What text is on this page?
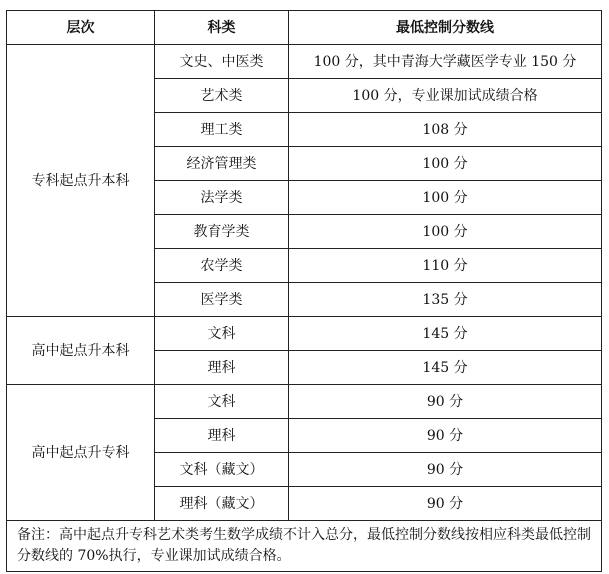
层次	科类	最低控制分数线
专科起点升本科	文史、中医类	100 分，其中青海大学藏医学专业 150 分
	艺术类	100 分，专业课加试成绩合格
	理工类	108 分
	经济管理类	100 分
	法学类	100 分
	教育学类	100 分
	农学类	110 分
	医学类	135 分
高中起点升本科	文科	145 分
	理科	145 分
高中起点升专科	文科	90 分
	理科	90 分
	文科（藏文）	90 分
	理科（藏文）	90 分
备注：高中起点升专科艺术类考生数学成绩不计入总分，最低控制分数线按相应科类最低控制分数线的 70%执行，专业课加试成绩合格。		
